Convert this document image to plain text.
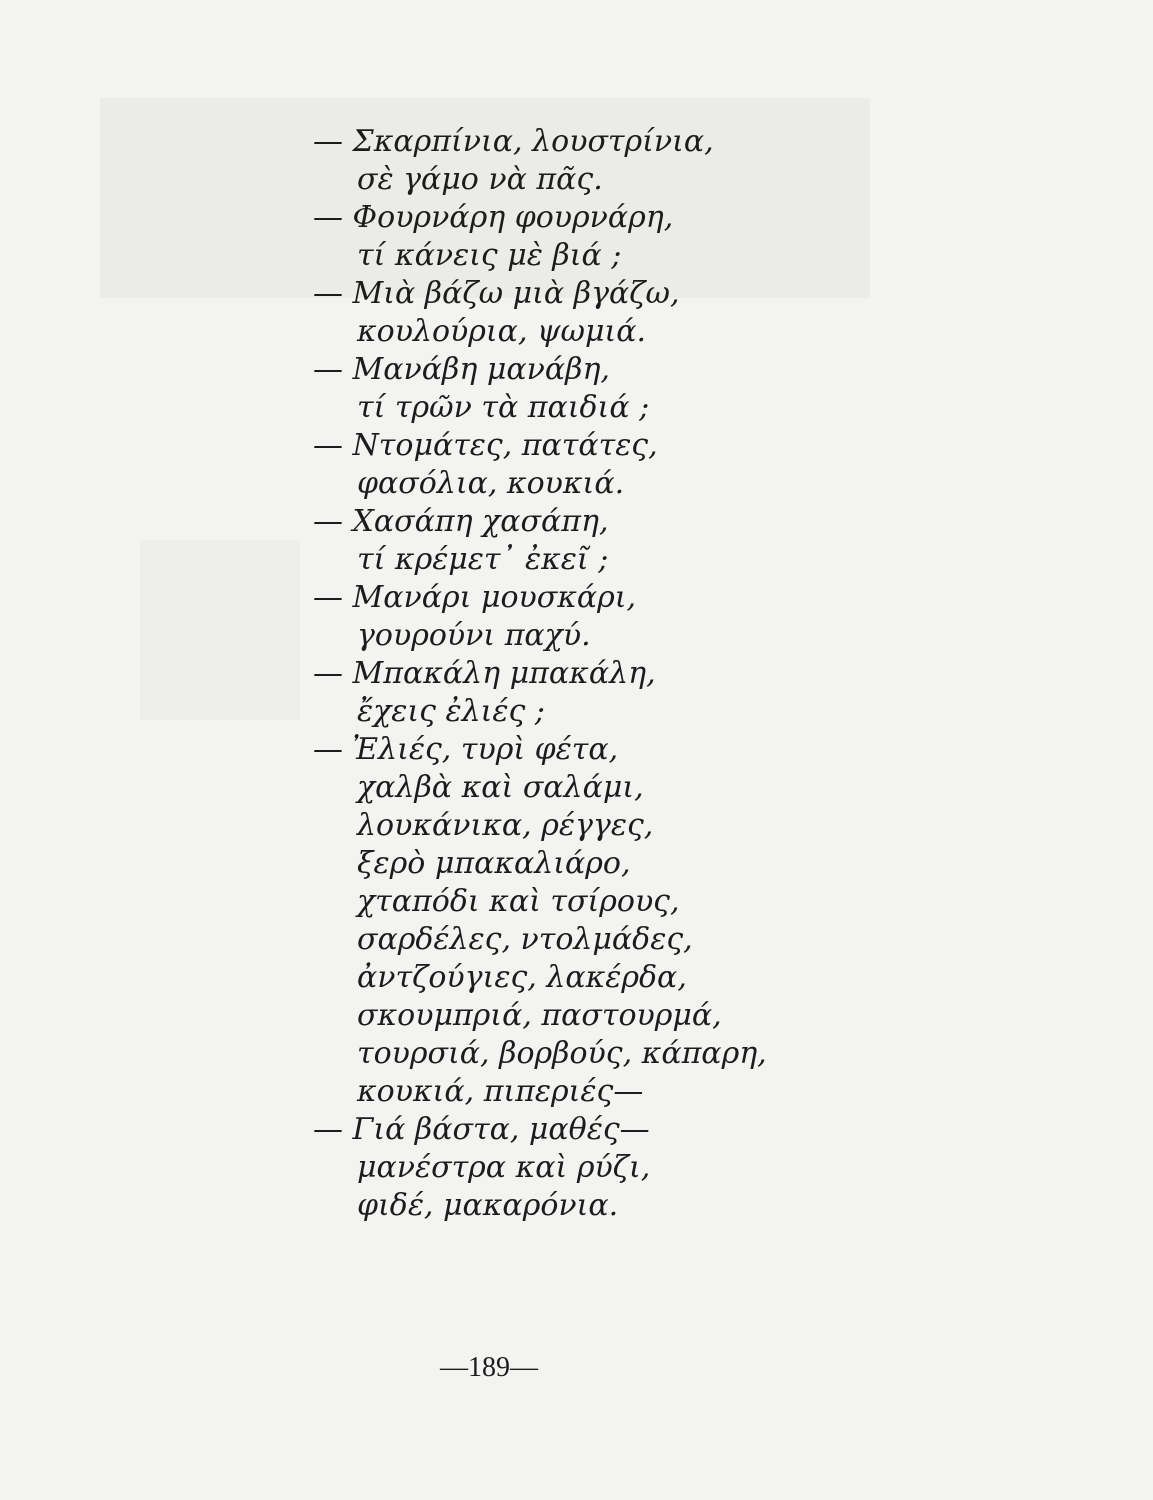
— Σκαρπίνια, λουστρίνια,
σὲ γάμο νὰ πᾶς.
— Φουρνάρη φουρνάρη,
τί κάνεις μὲ βιά ;
— Μιὰ βάζω μιὰ βγάζω,
κουλούρια, ψωμιά.
— Μανάβη μανάβη,
τί τρῶν τὰ παιδιά ;
— Ντομάτες, πατάτες,
φασόλια, κουκιά.
— Χασάπη χασάπη,
τί κρέμετ᾽ ἐκεῖ ;
— Μανάρι μουσκάρι,
γουρούνι παχύ.
— Μπακάλη μπακάλη,
ἔχεις ἐλιές ;
— Ἐλιές, τυρὶ φέτα,
χαλβὰ καὶ σαλάμι,
λουκάνικα, ρέγγες,
ξερὸ μπακαλιάρο,
χταπόδι καὶ τσίρους,
σαρδέλες, ντολμάδες,
ἀντζούγιες, λακέρδα,
σκουμπριά, παστουρμά,
τουρσιά, βορβούς, κάπαρη,
κουκιά, πιπεριές—
— Γιά βάστα, μαθές—
μανέστρα καὶ ρύζι,
φιδέ, μακαρόνια.
—189—
